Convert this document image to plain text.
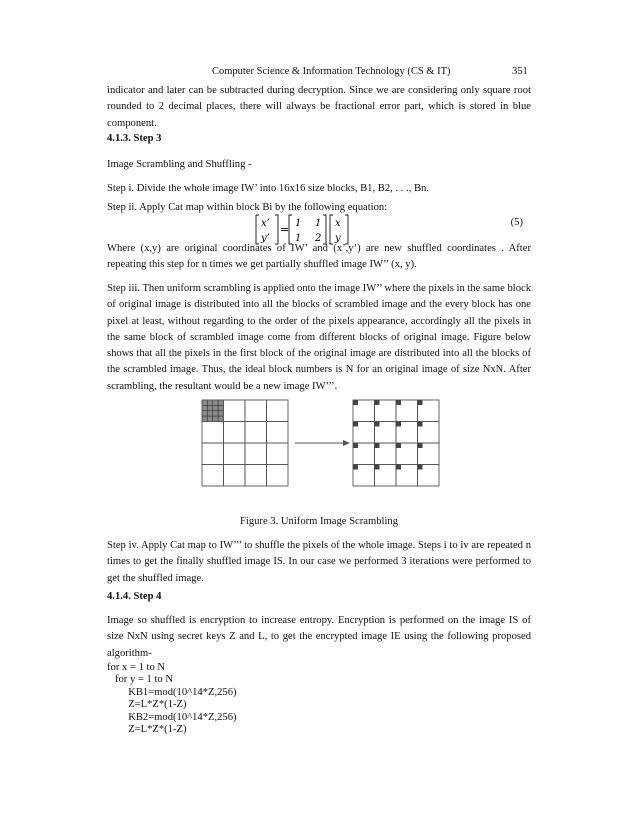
Computer Science & Information Technology (CS & IT)	351

indicator and later can be subtracted during decryption. Since we are considering only square root rounded to 2 decimal places, there will always be fractional error part, which is stored in blue component.

4.1.3. Step 3

Image Scrambling and Shuffling -

Step i. Divide the whole image IW’ into 16x16 size blocks, B1, B2, . . ., Bn.

Step ii. Apply Cat map within block Bi by the following equation:

x’
y’
= 1 1
1 2
x
y
(5)

Where (x,y) are original coordinates of IW’ and (x’,y’) are new shuffled coordinates . After repeating this step for n times we get partially shuffled image IW’’ (x, y).

Step iii. Then uniform scrambling is applied onto the image IW’’ where the pixels in the same block of original image is distributed into all the blocks of scrambled image and the every block has one pixel at least, without regarding to the order of the pixels appearance, accordingly all the pixels in the same block of scrambled image come from different blocks of original image. Figure below shows that all the pixels in the first block of the original image are distributed into all the blocks of the scrambled image. Thus, the ideal block numbers is N for an original image of size NxN. After scrambling, the resultant would be a new image IW’’’.

Figure 3. Uniform Image Scrambling

Step iv. Apply Cat map to IW’’’ to shuffle the pixels of the whole image. Steps i to iv are repeated n times to get the finally shuffled image IS. In our case we performed 3 iterations were performed to get the shuffled image.

4.1.4. Step 4

Image so shuffled is encryption to increase entropy. Encryption is performed on the image IS of size NxN using secret keys Z and L, to get the encrypted image IE using the following proposed algorithm-

for x = 1 to N
for y = 1 to N
KB1=mod(10^14*Z,256)
Z=L*Z*(1-Z)
KB2=mod(10^14*Z,256)
Z=L*Z*(1-Z)
